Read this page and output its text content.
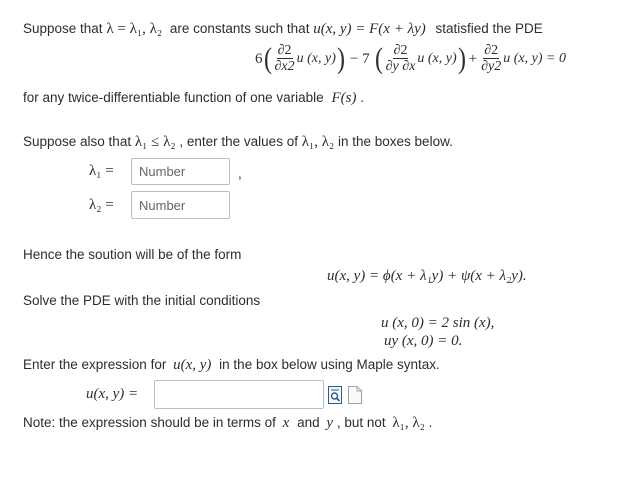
Suppose that λ = λ₁, λ₂ are constants such that u(x, y) = F(x + λy) statisfied the PDE
6 ( $\frac{\partial 2}{\partial x2}$ u (x, y) ) − 7 ( $\frac{\partial 2}{\partial y \partial x}$ u (x, y) ) + $\frac{\partial 2}{\partial y2}$ u (x, y) = 0
for any twice-differentiable function of one variable F(s) .
Suppose also that λ₁ ≤ λ₂ , enter the values of λ₁, λ₂ in the boxes below.
λ₁ =
Number	,
λ₂ =
Number
Hence the soution will be of the form
u(x, y) = ϕ(x + λ₁y) + ψ(x + λ₂y).
Solve the PDE with the initial conditions
u (x, 0) = 2 sin (x),
uy (x, 0) = 0.
Enter the expression for u(x, y) in the box below using Maple syntax.
u(x, y) =
Note: the expression should be in terms of x and y , but not λ₁, λ₂ .
